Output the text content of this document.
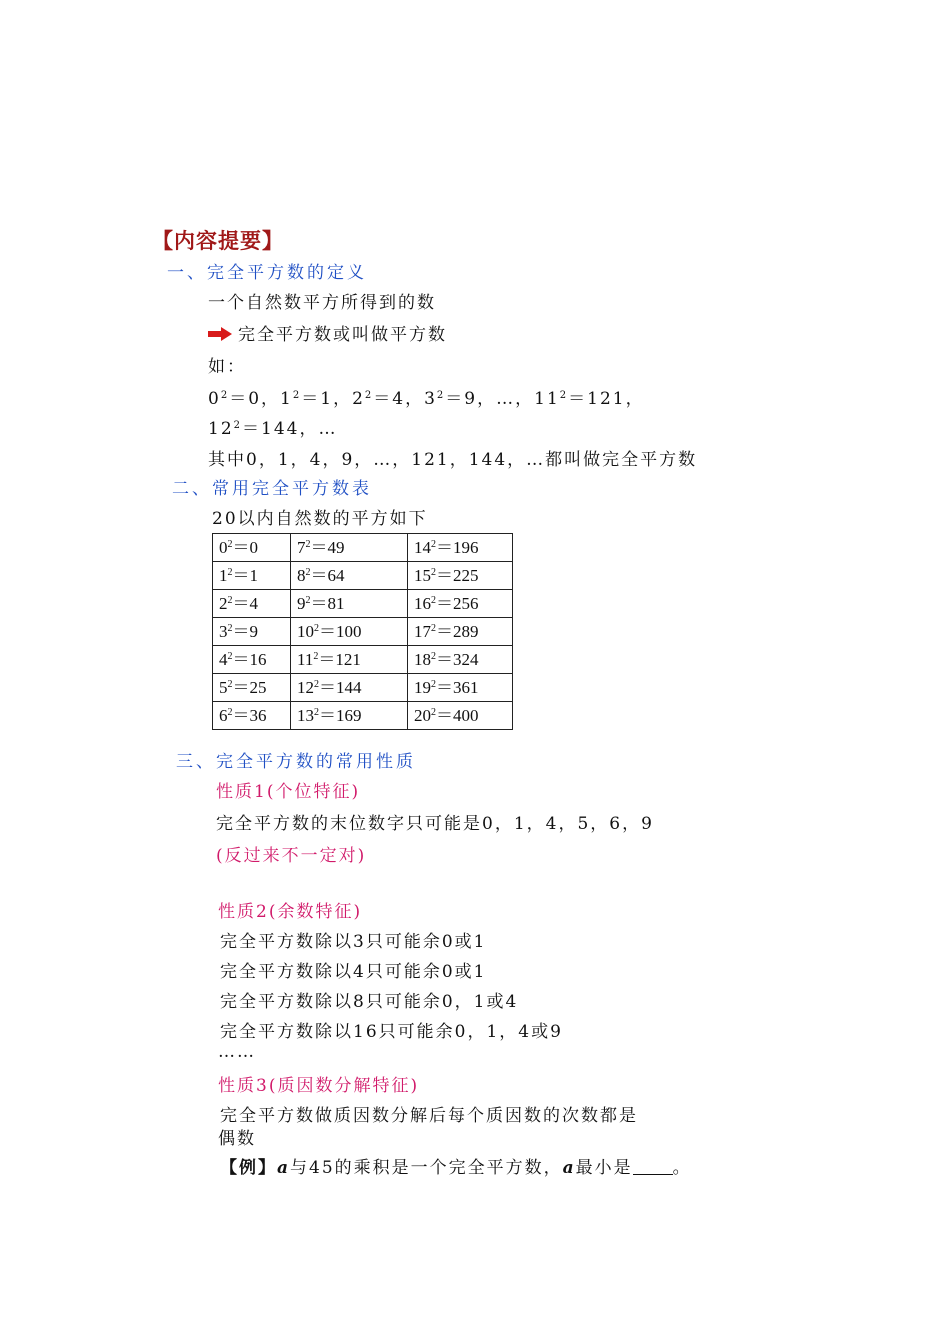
【内容提要】
一、完全平方数的定义
一个自然数平方所得到的数
完全平方数或叫做平方数
如：
$0^2=0$，$1^2=1$，$2^2=4$，$3^2=9$，…，$11^2=121$，
$12^2=144$，…
其中0，1，4，9，…，121，144，…都叫做完全平方数
二、常用完全平方数表
20以内自然数的平方如下
$0^2=0$	$7^2=49$	$14^2=196$
$1^2=1$	$8^2=64$	$15^2=225$
$2^2=4$	$9^2=81$	$16^2=256$
$3^2=9$	$10^2=100$	$17^2=289$
$4^2=16$	$11^2=121$	$18^2=324$
$5^2=25$	$12^2=144$	$19^2=361$
$6^2=36$	$13^2=169$	$20^2=400$
三、完全平方数的常用性质
性质1(个位特征)
完全平方数的末位数字只可能是0，1，4，5，6，9
(反过来不一定对)
性质2(余数特征)
完全平方数除以3只可能余0或1
完全平方数除以4只可能余0或1
完全平方数除以8只可能余0，1或4
完全平方数除以16只可能余0，1，4或9
……
性质3(质因数分解特征)
完全平方数做质因数分解后每个质因数的次数都是
偶数
【例】a与45的乘积是一个完全平方数，a最小是 。
